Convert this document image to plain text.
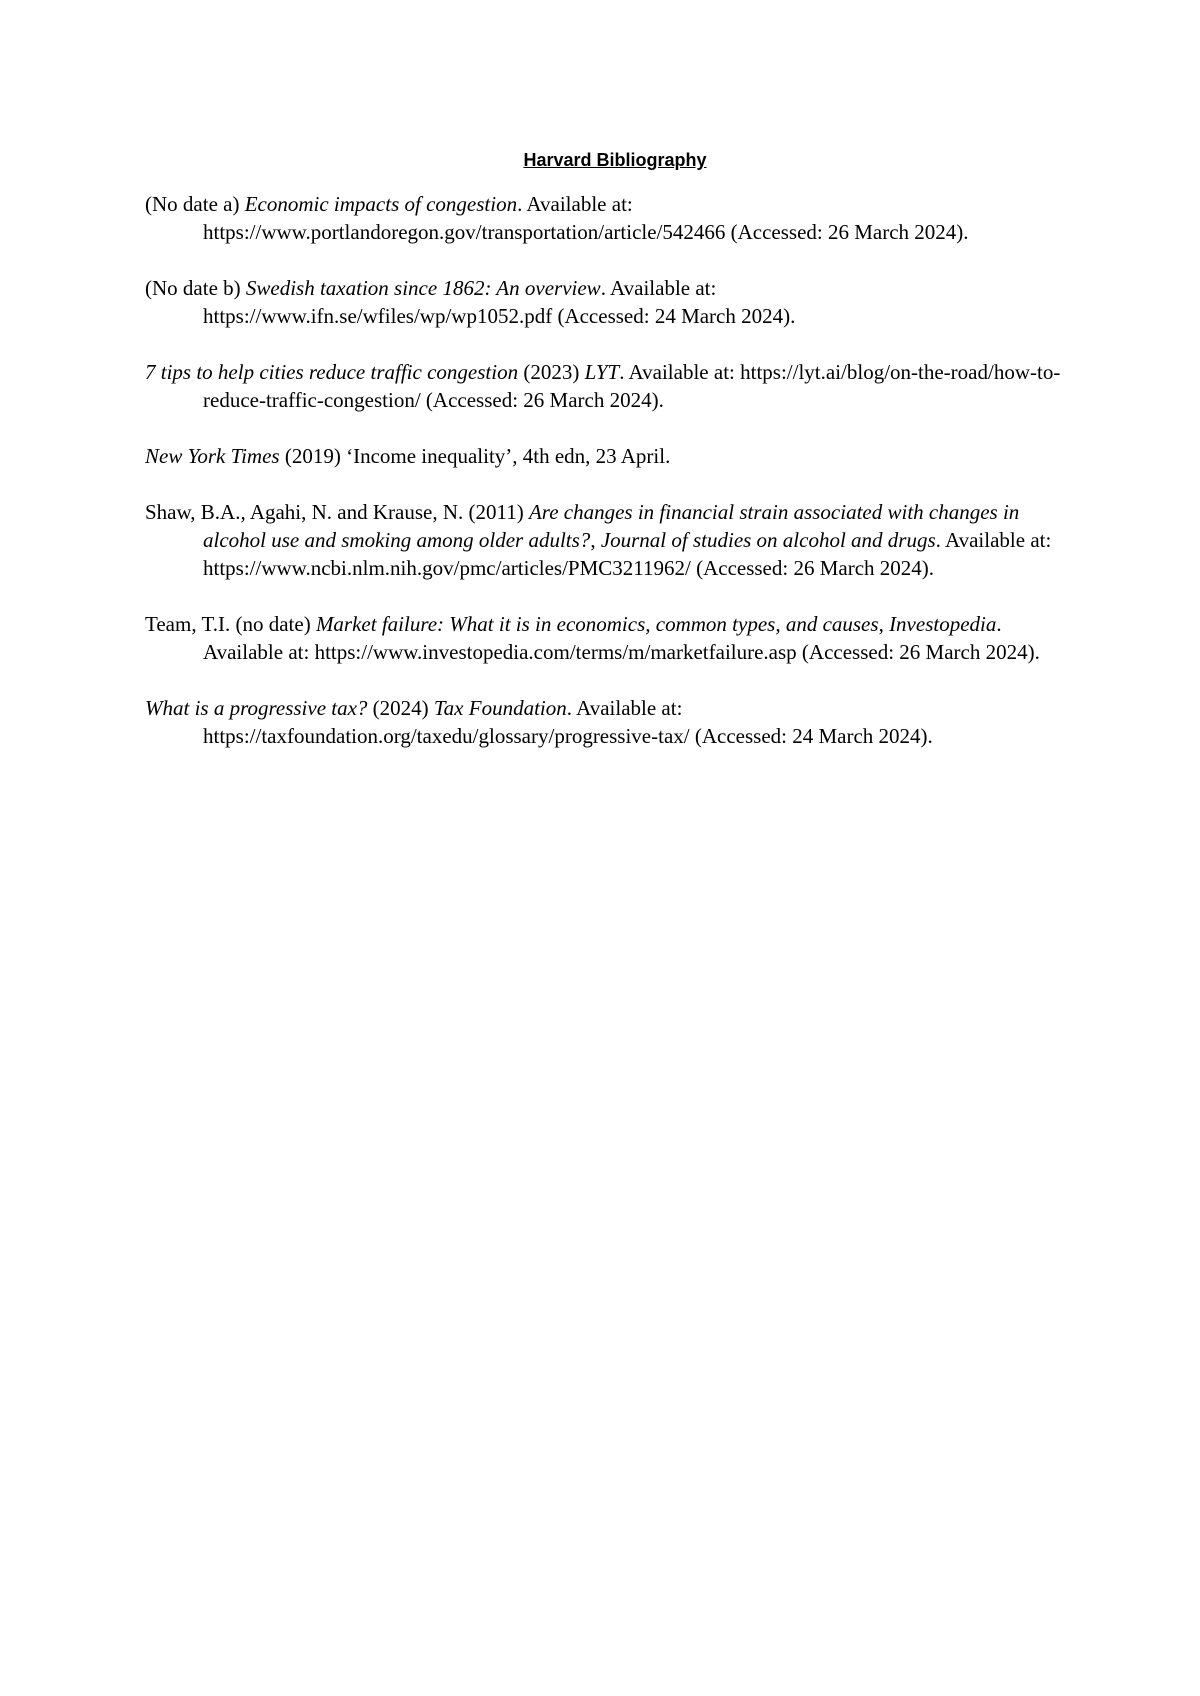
Harvard Bibliography

(No date a) Economic impacts of congestion. Available at: https://www.portlandoregon.gov/transportation/article/542466 (Accessed: 26 March 2024).

(No date b) Swedish taxation since 1862: An overview. Available at: https://www.ifn.se/wfiles/wp/wp1052.pdf (Accessed: 24 March 2024).

7 tips to help cities reduce traffic congestion (2023) LYT. Available at: https://lyt.ai/blog/on-the-road/how-to-reduce-traffic-congestion/ (Accessed: 26 March 2024).

New York Times (2019) ‘Income inequality’, 4th edn, 23 April.

Shaw, B.A., Agahi, N. and Krause, N. (2011) Are changes in financial strain associated with changes in alcohol use and smoking among older adults?, Journal of studies on alcohol and drugs. Available at: https://www.ncbi.nlm.nih.gov/pmc/articles/PMC3211962/ (Accessed: 26 March 2024).

Team, T.I. (no date) Market failure: What it is in economics, common types, and causes, Investopedia. Available at: https://www.investopedia.com/terms/m/marketfailure.asp (Accessed: 26 March 2024).

What is a progressive tax? (2024) Tax Foundation. Available at: https://taxfoundation.org/taxedu/glossary/progressive-tax/ (Accessed: 24 March 2024).
